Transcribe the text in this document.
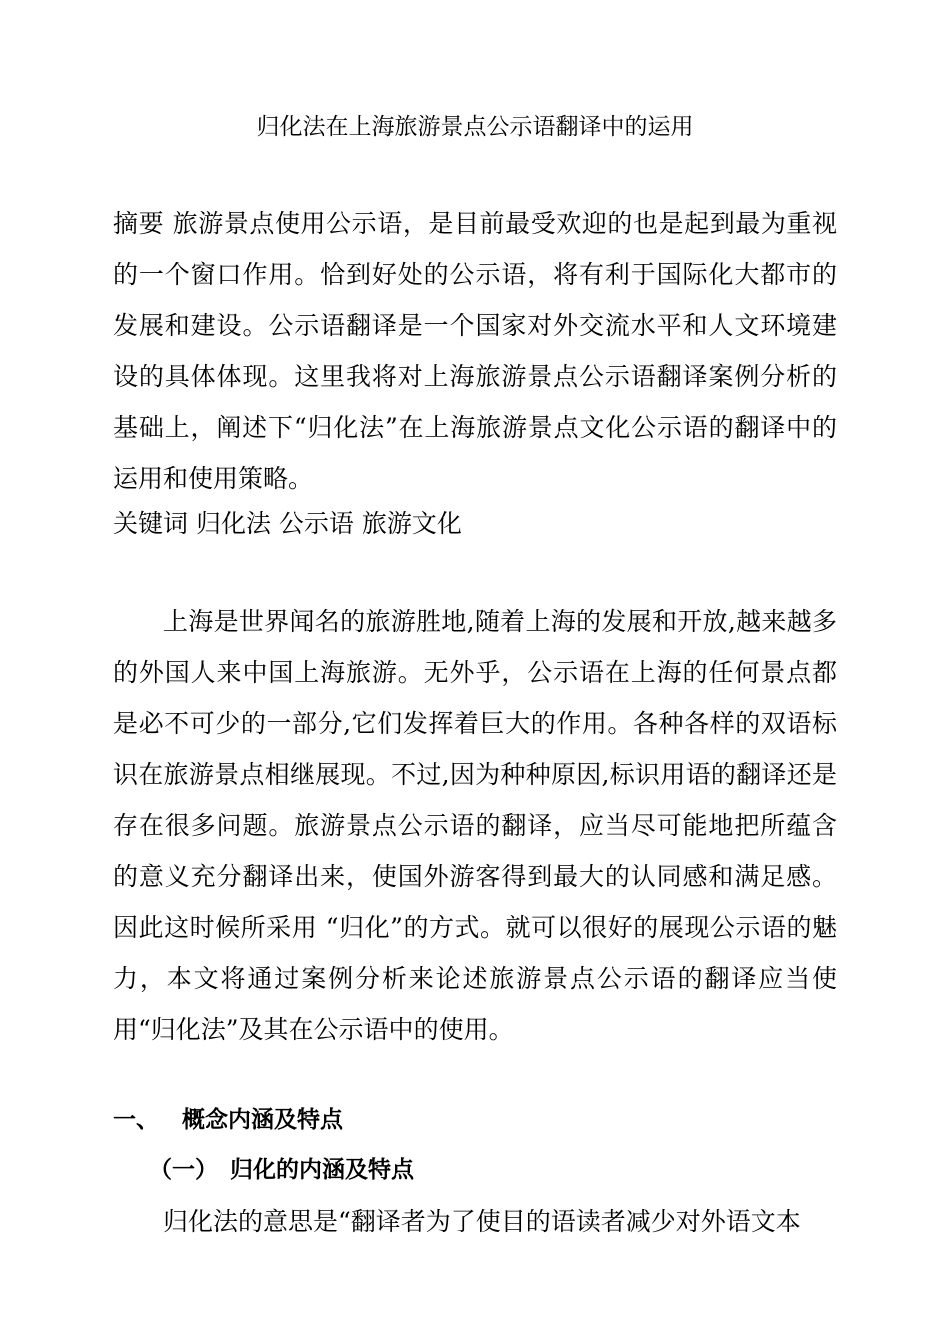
归化法在上海旅游景点公示语翻译中的运用
摘要 旅游景点使用公示语，是目前最受欢迎的也是起到最为重视的一个窗口作用。恰到好处的公示语，将有利于国际化大都市的发展和建设。公示语翻译是一个国家对外交流水平和人文环境建设的具体体现。这里我将对上海旅游景点公示语翻译案例分析的基础上，阐述下“归化法”在上海旅游景点文化公示语的翻译中的运用和使用策略。
关键词 归化法 公示语 旅游文化
上海是世界闻名的旅游胜地,随着上海的发展和开放,越来越多的外国人来中国上海旅游。无外乎，公示语在上海的任何景点都是必不可少的一部分,它们发挥着巨大的作用。各种各样的双语标识在旅游景点相继展现。不过,因为种种原因,标识用语的翻译还是存在很多问题。旅游景点公示语的翻译，应当尽可能地把所蕴含的意义充分翻译出来，使国外游客得到最大的认同感和满足感。因此这时候所采用 “归化”的方式。就可以很好的展现公示语的魅力，本文将通过案例分析来论述旅游景点公示语的翻译应当使用“归化法”及其在公示语中的使用。
一、 概念内涵及特点
（一） 归化的内涵及特点
归化法的意思是“翻译者为了使目的语读者减少对外语文本
